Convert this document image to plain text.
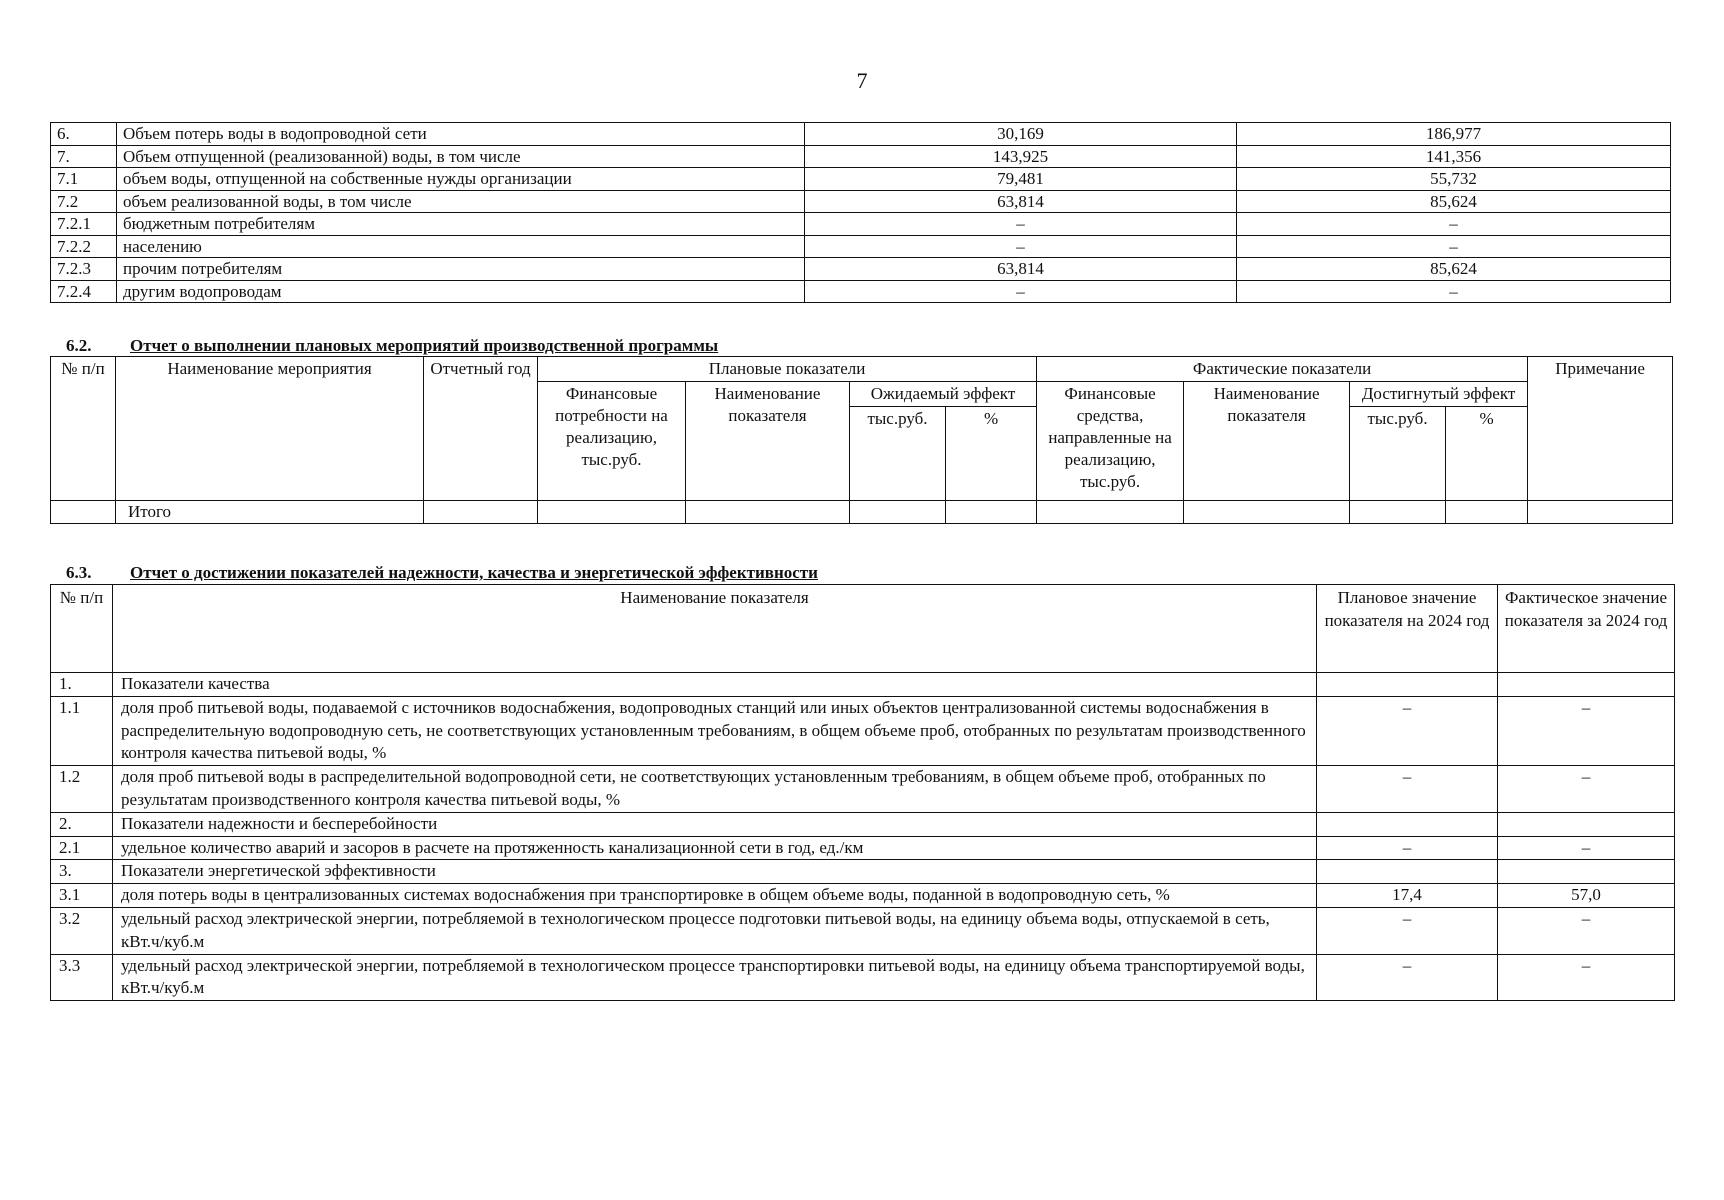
7
6.	Объем потерь воды в водопроводной сети	30,169	186,977
7.	Объем отпущенной (реализованной) воды, в том числе	143,925	141,356
7.1	объем воды, отпущенной на собственные нужды организации	79,481	55,732
7.2	объем реализованной воды, в том числе	63,814	85,624
7.2.1	бюджетным потребителям	–	–
7.2.2	населению	–	–
7.2.3	прочим потребителям	63,814	85,624
7.2.4	другим водопроводам	–	–
6.2. Отчет о выполнении плановых мероприятий производственной программы
№ п/п	Наименование мероприятия	Отчетный год	Плановые показатели				Фактические показатели				Примечание
			Финансовые потребности на реализацию, тыс.руб.	Наименование показателя	Ожидаемый эффект		Финансовые средства, направленные на реализацию, тыс.руб.	Наименование показателя	Достигнутый эффект		
					тыс.руб.	%			тыс.руб.	%	
	Итого										
6.3. Отчет о достижении показателей надежности, качества и энергетической эффективности
№ п/п	Наименование показателя	Плановое значение показателя на 2024 год	Фактическое значение показателя за 2024 год
1.	Показатели качества		
1.1	доля проб питьевой воды, подаваемой с источников водоснабжения, водопроводных станций или иных объектов централизованной системы водоснабжения в распределительную водопроводную сеть, не соответствующих установленным требованиям, в общем объеме проб, отобранных по результатам производственного контроля качества питьевой воды, %	–	–
1.2	доля проб питьевой воды в распределительной водопроводной сети, не соответствующих установленным требованиям, в общем объеме проб, отобранных по результатам производственного контроля качества питьевой воды, %	–	–
2.	Показатели надежности и бесперебойности		
2.1	удельное количество аварий и засоров в расчете на протяженность канализационной сети в год, ед./км	–	–
3.	Показатели энергетической эффективности		
3.1	доля потерь воды в централизованных системах водоснабжения при транспортировке в общем объеме воды, поданной в водопроводную сеть, %	17,4	57,0
3.2	удельный расход электрической энергии, потребляемой в технологическом процессе подготовки питьевой воды, на единицу объема воды, отпускаемой в сеть, кВт.ч/куб.м	–	–
3.3	удельный расход электрической энергии, потребляемой в технологическом процессе транспортировки питьевой воды, на единицу объема транспортируемой воды, кВт.ч/куб.м	–	–
